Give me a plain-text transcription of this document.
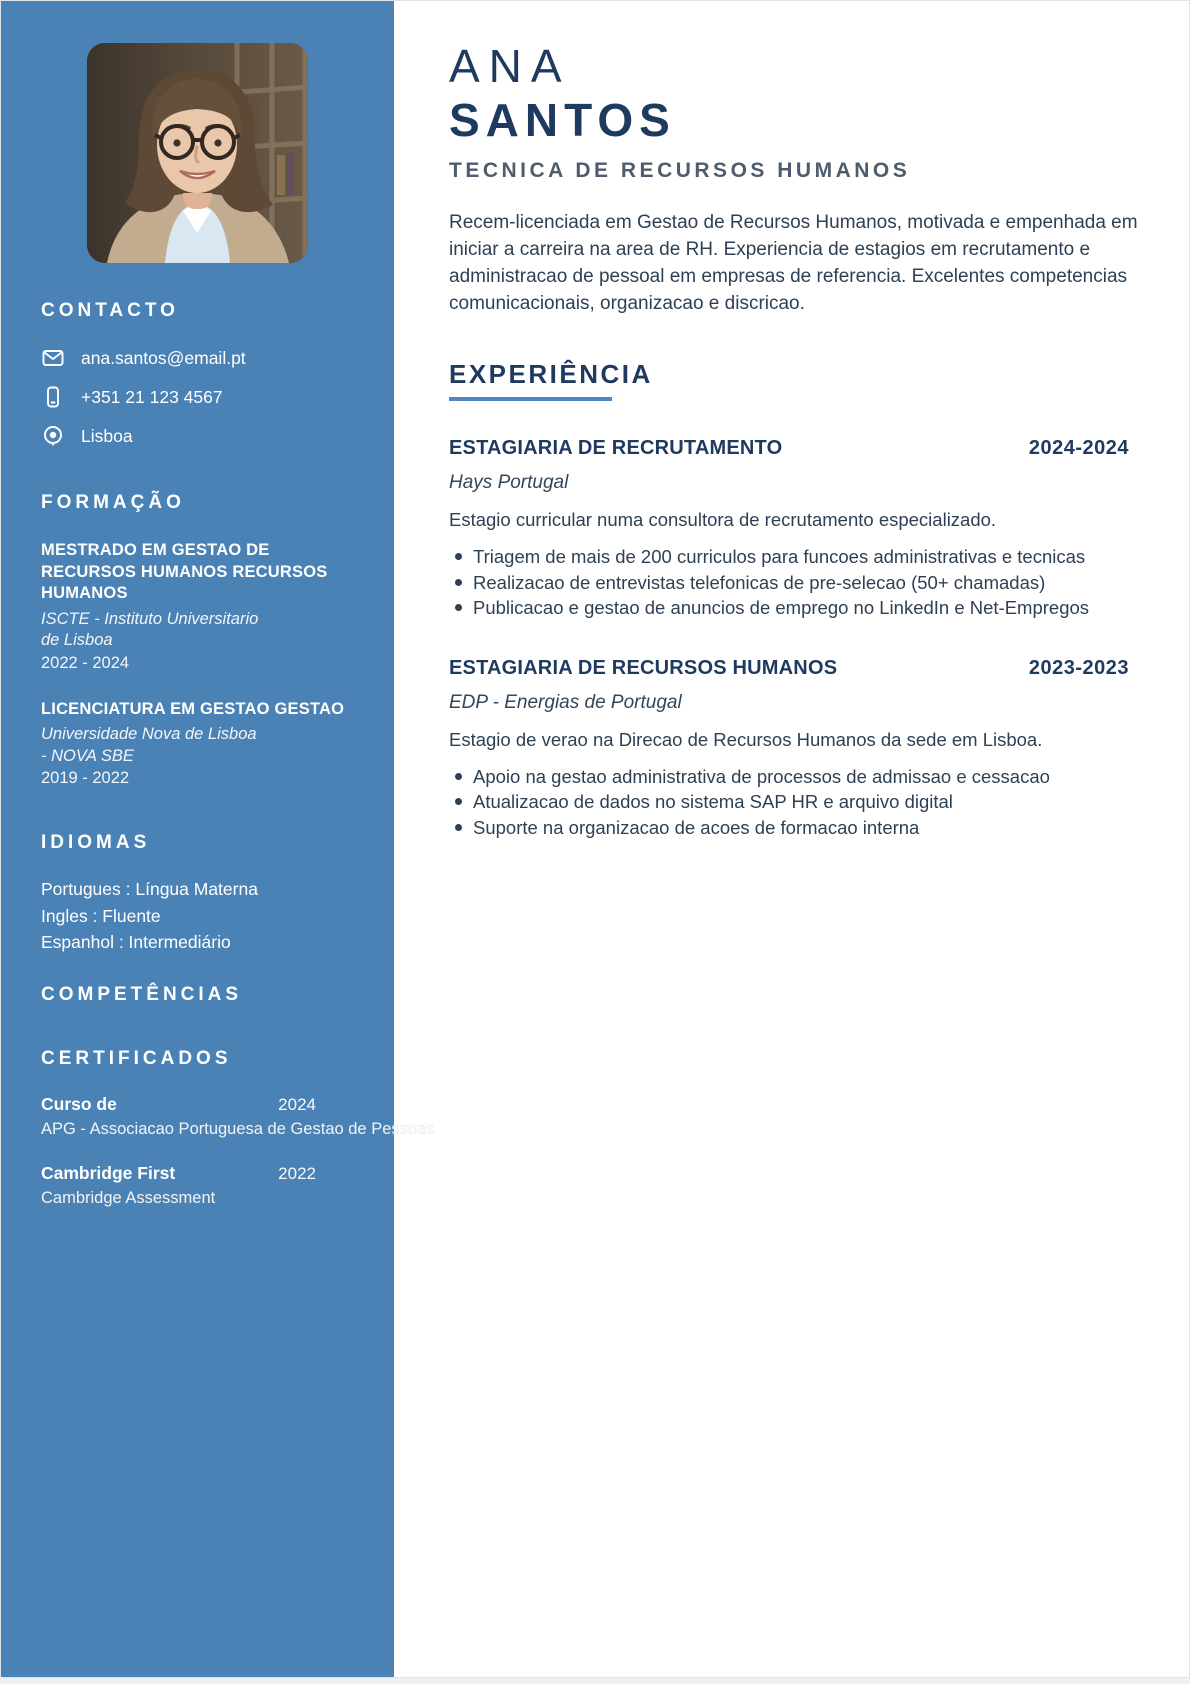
CONTACTO
ana.santos@email.pt
+351 21 123 4567
Lisboa
FORMAÇÃO
MESTRADO EM GESTAO DE RECURSOS HUMANOS RECURSOS HUMANOS
ISCTE - Instituto Universitario de Lisboa
2022 - 2024
LICENCIATURA EM GESTAO GESTAO
Universidade Nova de Lisboa - NOVA SBE
2019 - 2022
IDIOMAS
Portugues : Língua Materna
Ingles : Fluente
Espanhol : Intermediário
COMPETÊNCIAS
CERTIFICADOS
Curso de	2024
APG - Associacao Portuguesa de Gestao de Pessoas
Cambridge First	2022
Cambridge Assessment
ANA
SANTOS
TECNICA DE RECURSOS HUMANOS

Recem-licenciada em Gestao de Recursos Humanos, motivada e empenhada em iniciar a carreira na area de RH. Experiencia de estagios em recrutamento e administracao de pessoal em empresas de referencia. Excelentes competencias comunicacionais, organizacao e discricao.

EXPERIÊNCIA
ESTAGIARIA DE RECRUTAMENTO	2024-2024
Hays Portugal
Estagio curricular numa consultora de recrutamento especializado.
Triagem de mais de 200 curriculos para funcoes administrativas e tecnicas
Realizacao de entrevistas telefonicas de pre-selecao (50+ chamadas)
Publicacao e gestao de anuncios de emprego no LinkedIn e Net-Empregos
ESTAGIARIA DE RECURSOS HUMANOS	2023-2023
EDP - Energias de Portugal
Estagio de verao na Direcao de Recursos Humanos da sede em Lisboa.
Apoio na gestao administrativa de processos de admissao e cessacao
Atualizacao de dados no sistema SAP HR e arquivo digital
Suporte na organizacao de acoes de formacao interna
